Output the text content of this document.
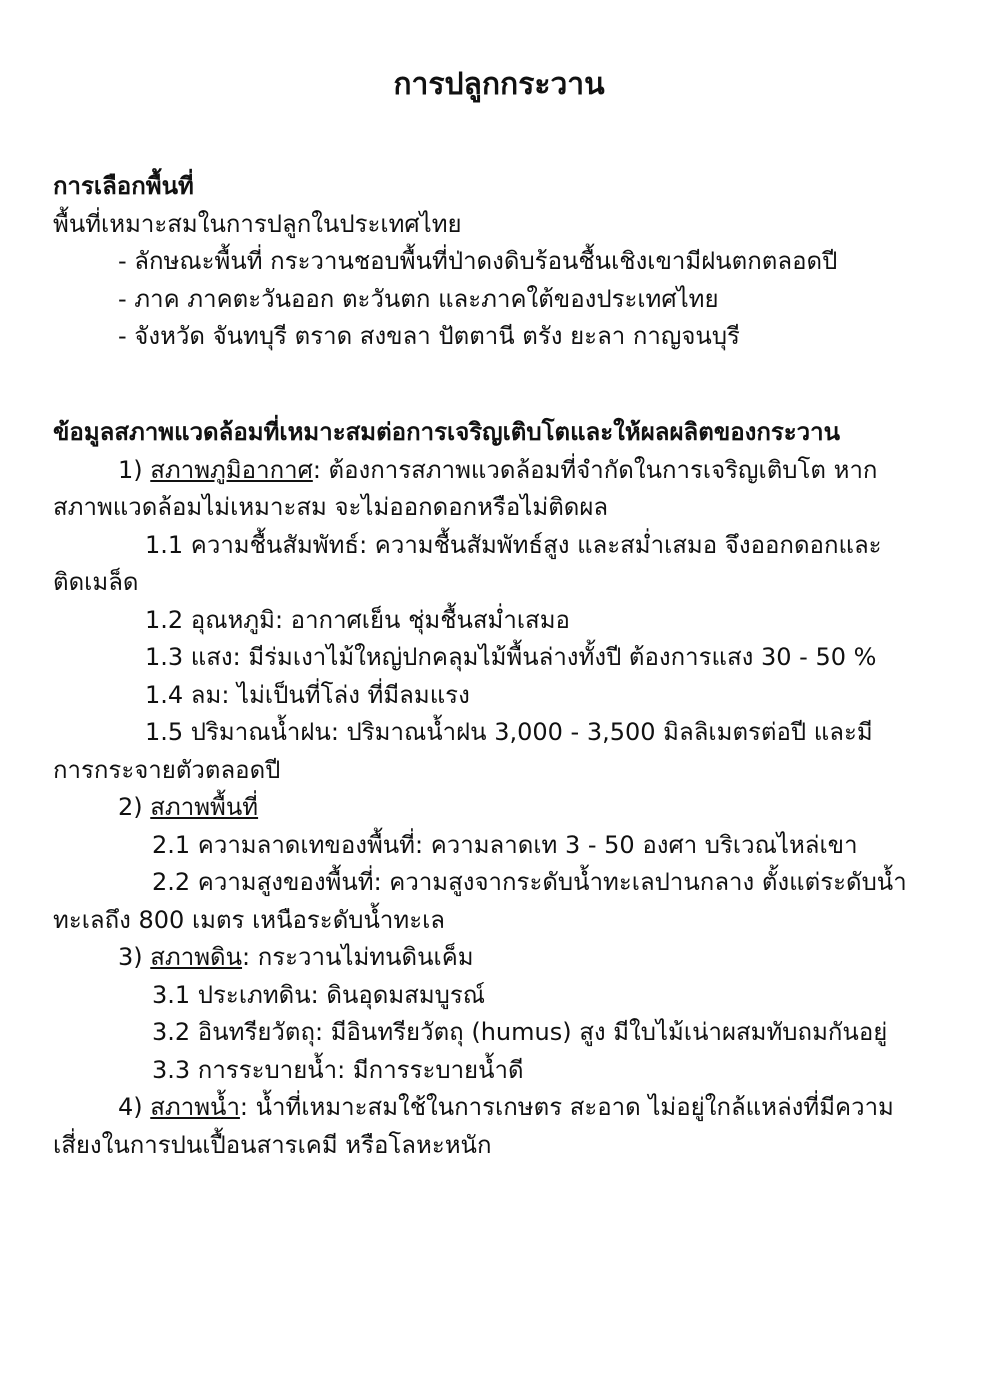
การปลูกกระวาน
การเลือกพื้นที่
พื้นที่เหมาะสมในการปลูกในประเทศไทย
- ลักษณะพื้นที่ กระวานชอบพื้นที่ป่าดงดิบร้อนชื้นเชิงเขามีฝนตกตลอดปี
- ภาค ภาคตะวันออก ตะวันตก และภาคใต้ของประเทศไทย
- จังหวัด จันทบุรี ตราด สงขลา ปัตตานี ตรัง ยะลา กาญจนบุรี
ข้อมูลสภาพแวดล้อมที่เหมาะสมต่อการเจริญเติบโตและให้ผลผลิตของกระวาน
1) สภาพภูมิอากาศ: ต้องการสภาพแวดล้อมที่จำกัดในการเจริญเติบโต หาก
สภาพแวดล้อมไม่เหมาะสม จะไม่ออกดอกหรือไม่ติดผล
1.1 ความชื้นสัมพัทธ์: ความชื้นสัมพัทธ์สูง และสม่ำเสมอ จึงออกดอกและ
ติดเมล็ด
1.2 อุณหภูมิ: อากาศเย็น ชุ่มชื้นสม่ำเสมอ
1.3 แสง: มีร่มเงาไม้ใหญ่ปกคลุมไม้พื้นล่างทั้งปี ต้องการแสง 30 - 50 %
1.4 ลม: ไม่เป็นที่โล่ง ที่มีลมแรง
1.5 ปริมาณน้ำฝน: ปริมาณน้ำฝน 3,000 - 3,500 มิลลิเมตรต่อปี และมี
การกระจายตัวตลอดปี
2) สภาพพื้นที่
2.1 ความลาดเทของพื้นที่: ความลาดเท 3 - 50 องศา บริเวณไหล่เขา
2.2 ความสูงของพื้นที่: ความสูงจากระดับน้ำทะเลปานกลาง ตั้งแต่ระดับน้ำ
ทะเลถึง 800 เมตร เหนือระดับน้ำทะเล
3) สภาพดิน: กระวานไม่ทนดินเค็ม
3.1 ประเภทดิน: ดินอุดมสมบูรณ์
3.2 อินทรียวัตถุ: มีอินทรียวัตถุ (humus) สูง มีใบไม้เน่าผสมทับถมกันอยู่
3.3 การระบายน้ำ: มีการระบายน้ำดี
4) สภาพน้ำ: น้ำที่เหมาะสมใช้ในการเกษตร สะอาด ไม่อยู่ใกล้แหล่งที่มีความ
เสี่ยงในการปนเปื้อนสารเคมี หรือโลหะหนัก
